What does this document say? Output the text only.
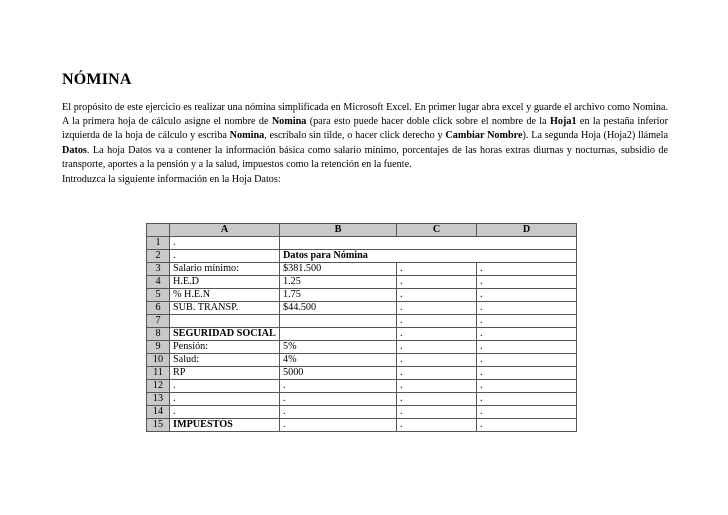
NÓMINA

El propósito de este ejercicio es realizar una nómina simplificada en Microsoft Excel. En primer lugar abra excel y guarde el archivo como Nomina. A la primera hoja de cálculo asigne el nombre de Nomina (para esto puede hacer doble click sobre el nombre de la Hoja1 en la pestaña inferior izquierda de la hoja de cálculo y escriba Nomina, escríbalo sin tilde, o hacer click derecho y Cambiar Nombre). La segunda Hoja (Hoja2) llámela Datos. La hoja Datos va a contener la información básica como salario mínimo, porcentajes de las horas extras diurnas y nocturnas, subsidio de transporte, aportes a la pensión y a la salud, impuestos como la retención en la fuente.

Introduzca la siguiente información en la Hoja Datos:

	A	B	C	D
1	.			
2	.	Datos para Nómina		
3	Salario mínimo:	$381.500	.	.
4	H.E.D	1.25	.	.
5	% H.E.N	1.75	.	.
6	SUB. TRANSP.	$44.500	.	.
7			.	.
8	SEGURIDAD SOCIAL		.	.
9	Pensión:	5%	.	.
10	Salud:	4%	.	.
11	RP	5000	.	.
12	.	.	.	.
13	.	.	.	.
14	.	.	.	.
15	IMPUESTOS	.	.	.
